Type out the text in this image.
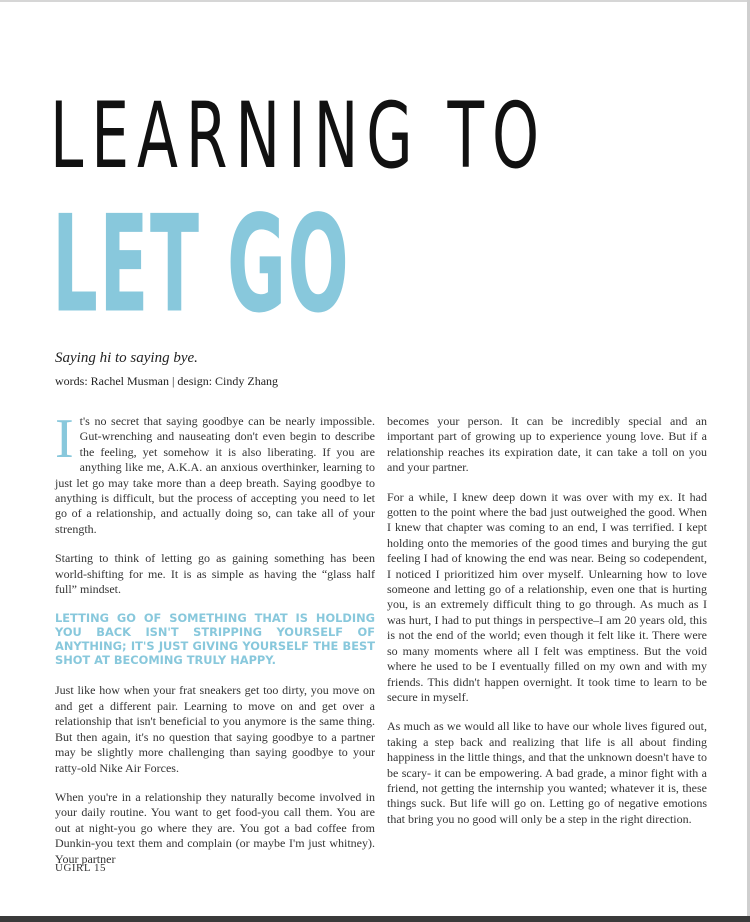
LEARNING TO
LET GO
Saying hi to saying bye.
words: Rachel Musman | design: Cindy Zhang

It's no secret that saying goodbye can be nearly impossible. Gut-wrenching and nauseating don't even begin to describe the feeling, yet somehow it is also liberating. If you are anything like me, A.K.A. an anxious overthinker, learning to just let go may take more than a deep breath. Saying goodbye to anything is difficult, but the process of accepting you need to let go of a relationship, and actually doing so, can take all of your strength.

Starting to think of letting go as gaining something has been world-shifting for me. It is as simple as having the “glass half full” mindset.

LETTING GO OF SOMETHING THAT IS HOLDING YOU BACK ISN'T STRIPPING YOURSELF OF ANYTHING; IT'S JUST GIVING YOURSELF THE BEST SHOT AT BECOMING TRULY HAPPY.

Just like how when your frat sneakers get too dirty, you move on and get a different pair. Learning to move on and get over a relationship that isn't beneficial to you anymore is the same thing. But then again, it's no question that saying goodbye to a partner may be slightly more challenging than saying goodbye to your ratty-old Nike Air Forces.

When you're in a relationship they naturally become involved in your daily routine. You want to get food-you call them. You are out at night-you go where they are. You got a bad coffee from Dunkin-you text them and complain (or maybe I'm just whitney). Your partner

becomes your person. It can be incredibly special and an important part of growing up to experience young love. But if a relationship reaches its expiration date, it can take a toll on you and your partner.

For a while, I knew deep down it was over with my ex. It had gotten to the point where the bad just outweighed the good. When I knew that chapter was coming to an end, I was terrified. I kept holding onto the memories of the good times and burying the gut feeling I had of knowing the end was near. Being so codependent, I noticed I prioritized him over myself. Unlearning how to love someone and letting go of a relationship, even one that is hurting you, is an extremely difficult thing to go through. As much as I was hurt, I had to put things in perspective–I am 20 years old, this is not the end of the world; even though it felt like it. There were so many moments where all I felt was emptiness. But the void where he used to be I eventually filled on my own and with my friends. This didn't happen overnight. It took time to learn to be secure in myself.

As much as we would all like to have our whole lives figured out, taking a step back and realizing that life is all about finding happiness in the little things, and that the unknown doesn't have to be scary- it can be empowering. A bad grade, a minor fight with a friend, not getting the internship you wanted; whatever it is, these things suck. But life will go on. Letting go of negative emotions that bring you no good will only be a step in the right direction.

UGIRL 15
